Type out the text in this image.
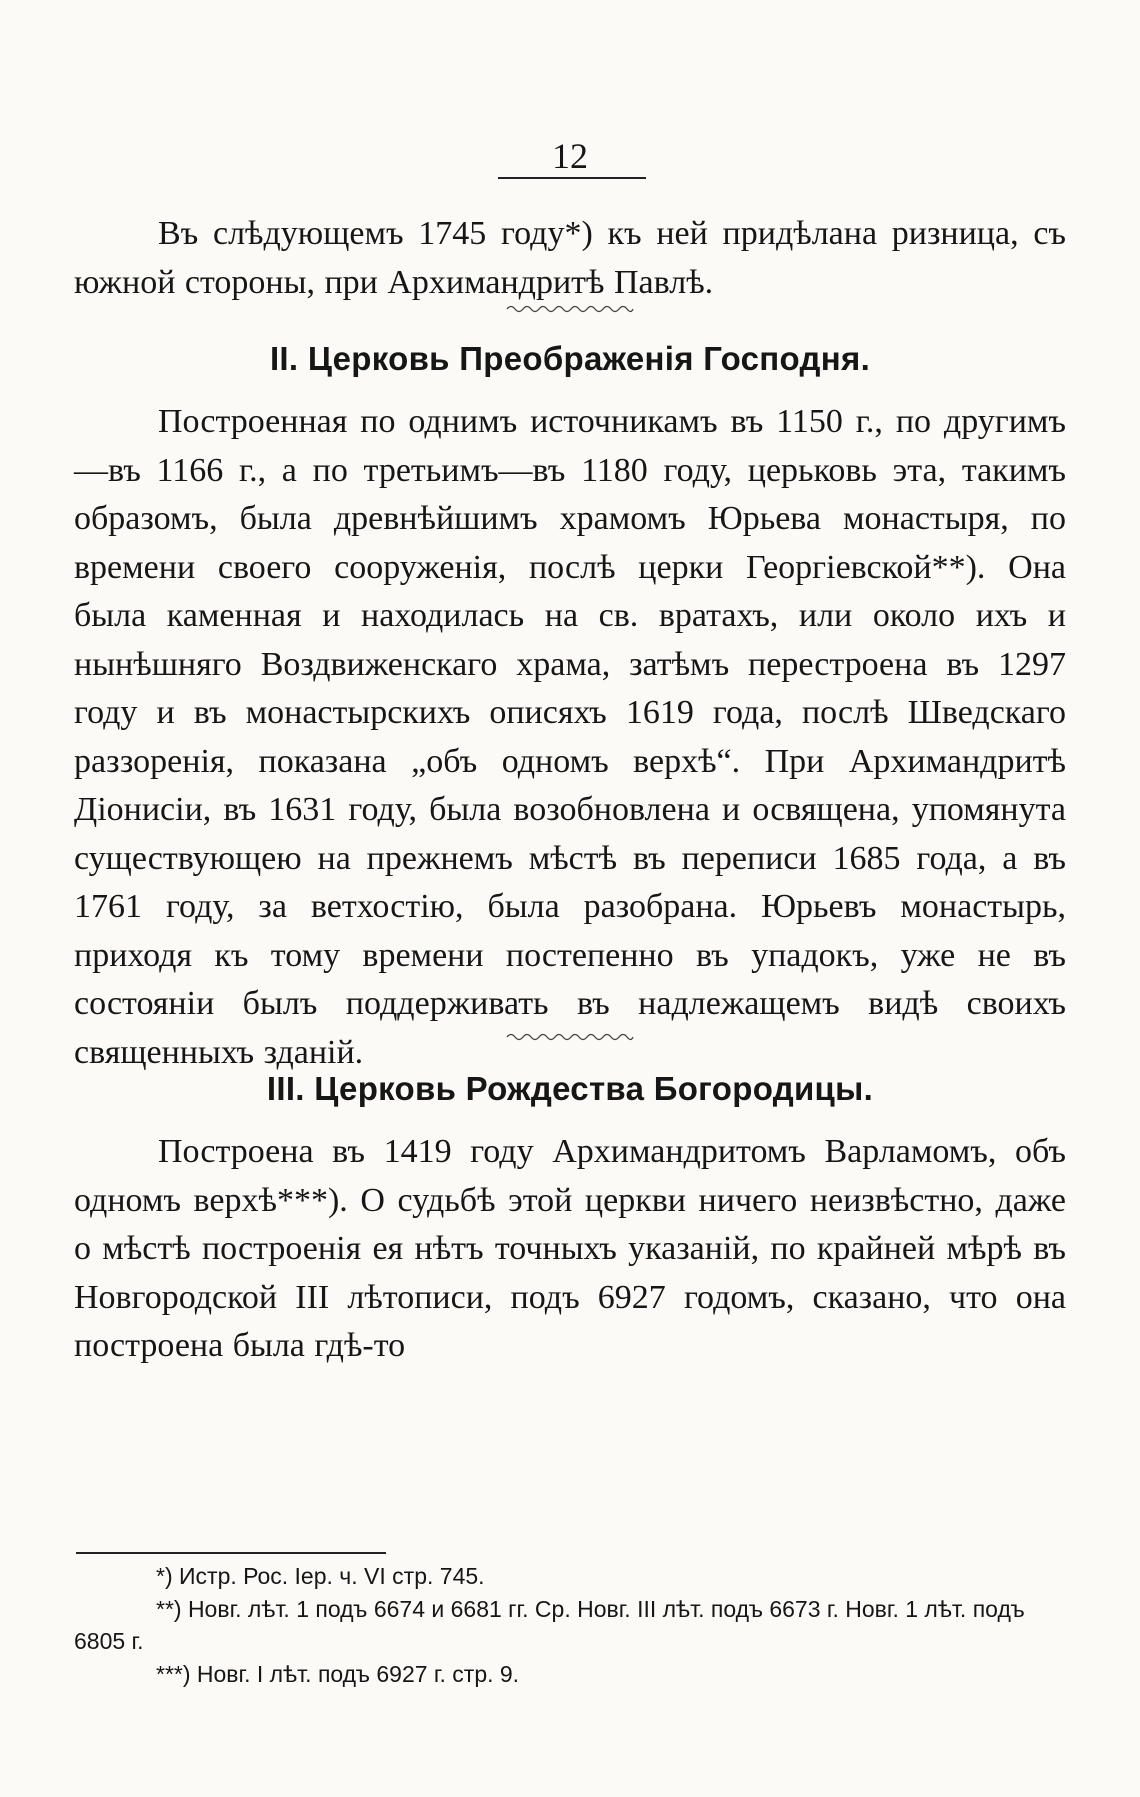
12

Въ слѣдующемъ 1745 году*) къ ней придѣлана ризница, съ южной стороны, при Архимандритѣ Павлѣ.

II. Церковь Преображенія Господня.

Построенная по однимъ источникамъ въ 1150 г., по другимъ—въ 1166 г., а по третьимъ—въ 1180 году, церьковь эта, такимъ образомъ, была древнѣйшимъ храмомъ Юрьева монастыря, по времени своего сооруженія, послѣ церки Георгіевской**). Она была каменная и находилась на св. вратахъ, или около ихъ и нынѣшняго Воздвиженскаго храма, затѣмъ перестроена въ 1297 году и въ монастырскихъ описяхъ 1619 года, послѣ Шведскаго раззоренія, показана „объ одномъ верхѣ“. При Архимандритѣ Діонисіи, въ 1631 году, была возобновлена и освящена, упомянута существующею на прежнемъ мѣстѣ въ переписи 1685 года, а въ 1761 году, за ветхостію, была разобрана. Юрьевъ монастырь, приходя къ тому времени постепенно въ упадокъ, уже не въ состояніи былъ поддерживать въ надлежащемъ видѣ своихъ священныхъ зданій.

III. Церковь Рождества Богородицы.

Построена въ 1419 году Архимандритомъ Варламомъ, объ одномъ верхѣ***). О судьбѣ этой церкви ничего неизвѣстно, даже о мѣстѣ построенія ея нѣтъ точныхъ указаній, по крайней мѣрѣ въ Новгородской III лѣтописи, подъ 6927 годомъ, сказано, что она построена была гдѣ-то

*) Истр. Рос. Іер. ч. VI стр. 745.

**) Новг. лѣт. 1 подъ 6674 и 6681 гг. Ср. Новг. III лѣт. подъ 6673 г. Новг. 1 лѣт. подъ 6805 г.

***) Новг. I лѣт. подъ 6927 г. стр. 9.
